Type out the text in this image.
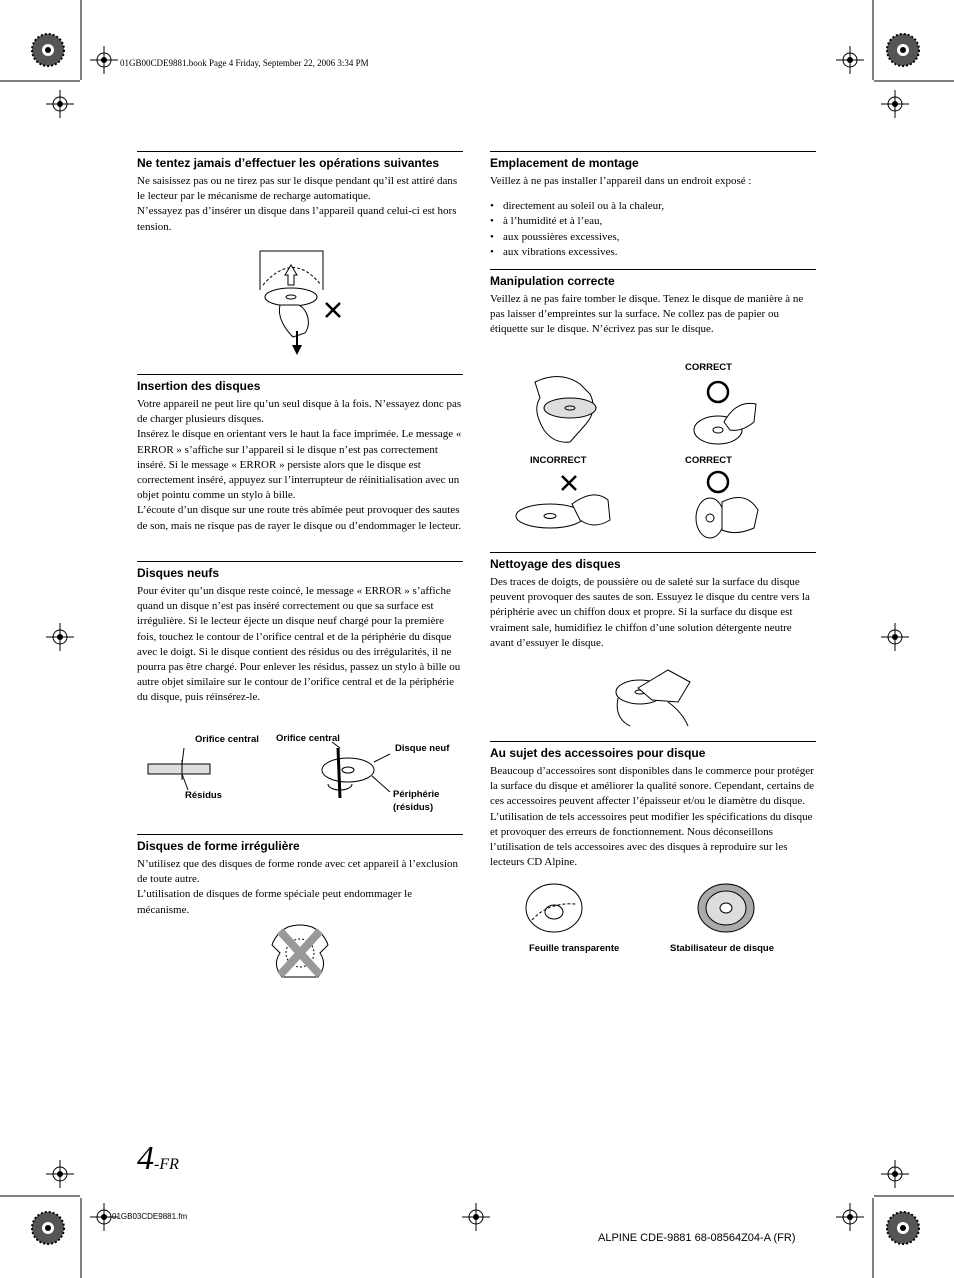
01GB00CDE9881.book Page 4 Friday, September 22, 2006 3:34 PM
Ne tentez jamais d’effectuer les opérations suivantes

Ne saisissez pas ou ne tirez pas sur le disque pendant qu’il est attiré dans le lecteur par le mécanisme de recharge automatique.

N’essayez pas d’insérer un disque dans l’appareil quand celui-ci est hors tension.

Insertion des disques

Votre appareil ne peut lire qu’un seul disque à la fois. N’essayez donc pas de charger plusieurs disques.

Insérez le disque en orientant vers le haut la face imprimée. Le message « ERROR » s’affiche sur l’appareil si le disque n’est pas correctement inséré. Si le message « ERROR » persiste alors que le disque est correctement inséré, appuyez sur l’interrupteur de réinitialisation avec un objet pointu comme un stylo à bille.

L’écoute d’un disque sur une route très abîmée peut provoquer des sautes de son, mais ne risque pas de rayer le disque ou d’endommager le lecteur.

Disques neufs

Pour éviter qu’un disque reste coincé, le message « ERROR » s’affiche quand un disque n’est pas inséré correctement ou que sa surface est irrégulière. Si le lecteur éjecte un disque neuf chargé pour la première fois, touchez le contour de l’orifice central et de la périphérie du disque avec le doigt. Si le disque contient des résidus ou des irrégularités, il ne pourra pas être chargé. Pour enlever les résidus, passez un stylo à bille ou autre objet similaire sur le contour de l’orifice central et de la périphérie du disque, puis réinsérez-le.

Orifice central Orifice central
Résidus
Disque neuf
Périphérie
(résidus)
Disques de forme irrégulière

N’utilisez que des disques de forme ronde avec cet appareil à l’exclusion de toute autre.

L’utilisation de disques de forme spéciale peut endommager le mécanisme.

Emplacement de montage

Veillez à ne pas installer l’appareil dans un endroit exposé :

• directement au soleil ou à la chaleur,
• à l’humidité et à l’eau,
• aux poussières excessives,
• aux vibrations excessives.
Manipulation correcte

Veillez à ne pas faire tomber le disque. Tenez le disque de manière à ne pas laisser d’empreintes sur la surface. Ne collez pas de papier ou étiquette sur le disque. N’écrivez pas sur le disque.

CORRECT
INCORRECT	CORRECT
Nettoyage des disques

Des traces de doigts, de poussière ou de saleté sur la surface du disque peuvent provoquer des sautes de son. Essuyez le disque du centre vers la périphérie avec un chiffon doux et propre. Si la surface du disque est vraiment sale, humidifiez le chiffon d’une solution détergente neutre avant d’essuyer le disque.

Au sujet des accessoires pour disque

Beaucoup d’accessoires sont disponibles dans le commerce pour protéger la surface du disque et améliorer la qualité sonore. Cependant, certains de ces accessoires peuvent affecter l’épaisseur et/ou le diamètre du disque. L’utilisation de tels accessoires peut modifier les spécifications du disque et provoquer des erreurs de fonctionnement. Nous déconseillons l’utilisation de tels accessoires avec des disques à reproduire sur les lecteurs CD Alpine.

Feuille transparente	Stabilisateur de disque
4-FR
01GB03CDE9881.fm
ALPINE CDE-9881 68-08564Z04-A (FR)
